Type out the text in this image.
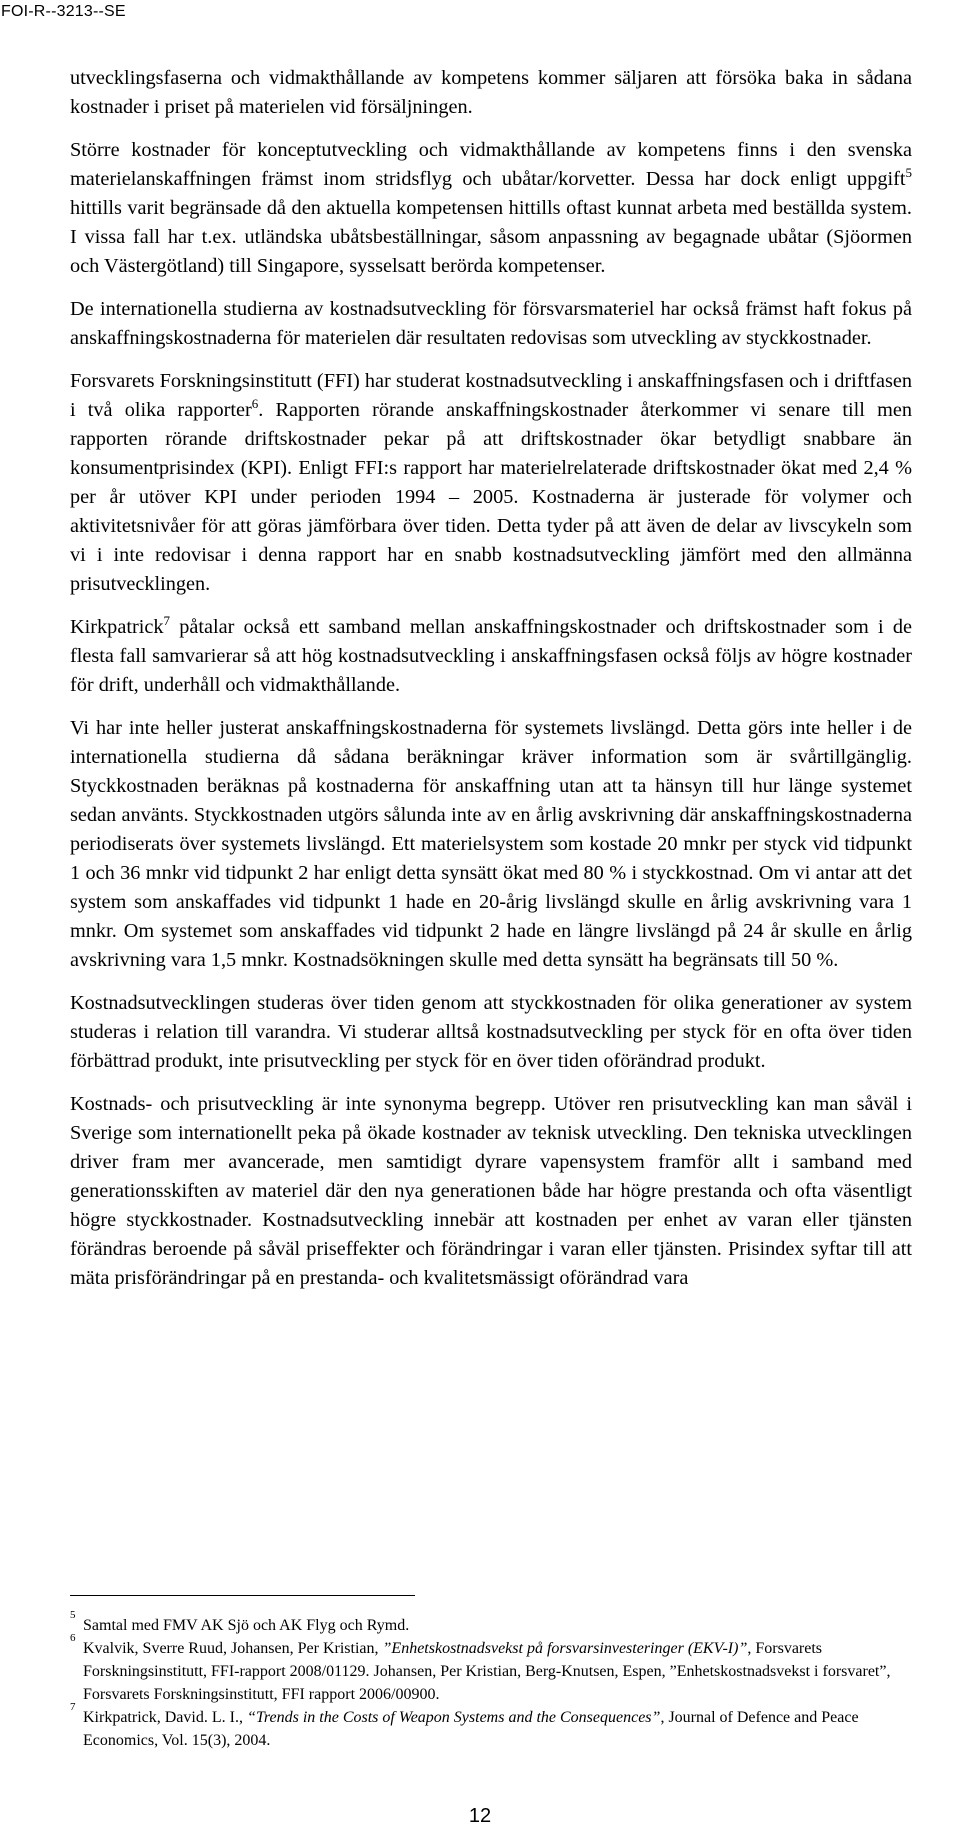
FOI-R--3213--SE

utvecklingsfaserna och vidmakthållande av kompetens kommer säljaren att försöka baka in sådana kostnader i priset på materielen vid försäljningen.

Större kostnader för konceptutveckling och vidmakthållande av kompetens finns i den svenska materielanskaffningen främst inom stridsflyg och ubåtar/korvetter. Dessa har dock enligt uppgift$^5$ hittills varit begränsade då den aktuella kompetensen hittills oftast kunnat arbeta med beställda system. I vissa fall har t.ex. utländska ubåtsbeställningar, såsom anpassning av begagnade ubåtar (Sjöormen och Västergötland) till Singapore, sysselsatt berörda kompetenser.

De internationella studierna av kostnadsutveckling för försvarsmateriel har också främst haft fokus på anskaffningskostnaderna för materielen där resultaten redovisas som utveckling av styckkostnader.

Forsvarets Forskningsinstitutt (FFI) har studerat kostnadsutveckling i anskaffningsfasen och i driftfasen i två olika rapporter$^6$. Rapporten rörande anskaffningskostnader återkommer vi senare till men rapporten rörande driftskostnader pekar på att driftskostnader ökar betydligt snabbare än konsumentprisindex (KPI). Enligt FFI:s rapport har materielrelaterade driftskostnader ökat med 2,4 % per år utöver KPI under perioden 1994 – 2005. Kostnaderna är justerade för volymer och aktivitetsnivåer för att göras jämförbara över tiden. Detta tyder på att även de delar av livscykeln som vi i inte redovisar i denna rapport har en snabb kostnadsutveckling jämfört med den allmänna prisutvecklingen.

Kirkpatrick$^7$ påtalar också ett samband mellan anskaffningskostnader och driftskostnader som i de flesta fall samvarierar så att hög kostnadsutveckling i anskaffningsfasen också följs av högre kostnader för drift, underhåll och vidmakthållande.

Vi har inte heller justerat anskaffningskostnaderna för systemets livslängd. Detta görs inte heller i de internationella studierna då sådana beräkningar kräver information som är svårtillgänglig. Styckkostnaden beräknas på kostnaderna för anskaffning utan att ta hänsyn till hur länge systemet sedan använts. Styckkostnaden utgörs sålunda inte av en årlig avskrivning där anskaffningskostnaderna periodiserats över systemets livslängd. Ett materielsystem som kostade 20 mnkr per styck vid tidpunkt 1 och 36 mnkr vid tidpunkt 2 har enligt detta synsätt ökat med 80 % i styckkostnad. Om vi antar att det system som anskaffades vid tidpunkt 1 hade en 20-årig livslängd skulle en årlig avskrivning vara 1 mnkr. Om systemet som anskaffades vid tidpunkt 2 hade en längre livslängd på 24 år skulle en årlig avskrivning vara 1,5 mnkr. Kostnadsökningen skulle med detta synsätt ha begränsats till 50 %.

Kostnadsutvecklingen studeras över tiden genom att styckkostnaden för olika generationer av system studeras i relation till varandra. Vi studerar alltså kostnadsutveckling per styck för en ofta över tiden förbättrad produkt, inte prisutveckling per styck för en över tiden oförändrad produkt.

Kostnads- och prisutveckling är inte synonyma begrepp. Utöver ren prisutveckling kan man såväl i Sverige som internationellt peka på ökade kostnader av teknisk utveckling. Den tekniska utvecklingen driver fram mer avancerade, men samtidigt dyrare vapensystem framför allt i samband med generationsskiften av materiel där den nya generationen både har högre prestanda och ofta väsentligt högre styckkostnader. Kostnadsutveckling innebär att kostnaden per enhet av varan eller tjänsten förändras beroende på såväl priseffekter och förändringar i varan eller tjänsten. Prisindex syftar till att mäta prisförändringar på en prestanda- och kvalitetsmässigt oförändrad vara

5
Samtal med FMV AK Sjö och AK Flyg och Rymd.
6
Kvalvik, Sverre Ruud, Johansen, Per Kristian, ”Enhetskostnadsvekst på forsvarsinvesteringer (EKV-I)”, Forsvarets Forskningsinstitutt, FFI-rapport 2008/01129. Johansen, Per Kristian, Berg-Knutsen, Espen, ”Enhetskostnadsvekst i forsvaret”, Forsvarets Forskningsinstitutt, FFI rapport 2006/00900.
7
Kirkpatrick, David. L. I., “Trends in the Costs of Weapon Systems and the Consequences”, Journal of Defence and Peace Economics, Vol. 15(3), 2004.
12
